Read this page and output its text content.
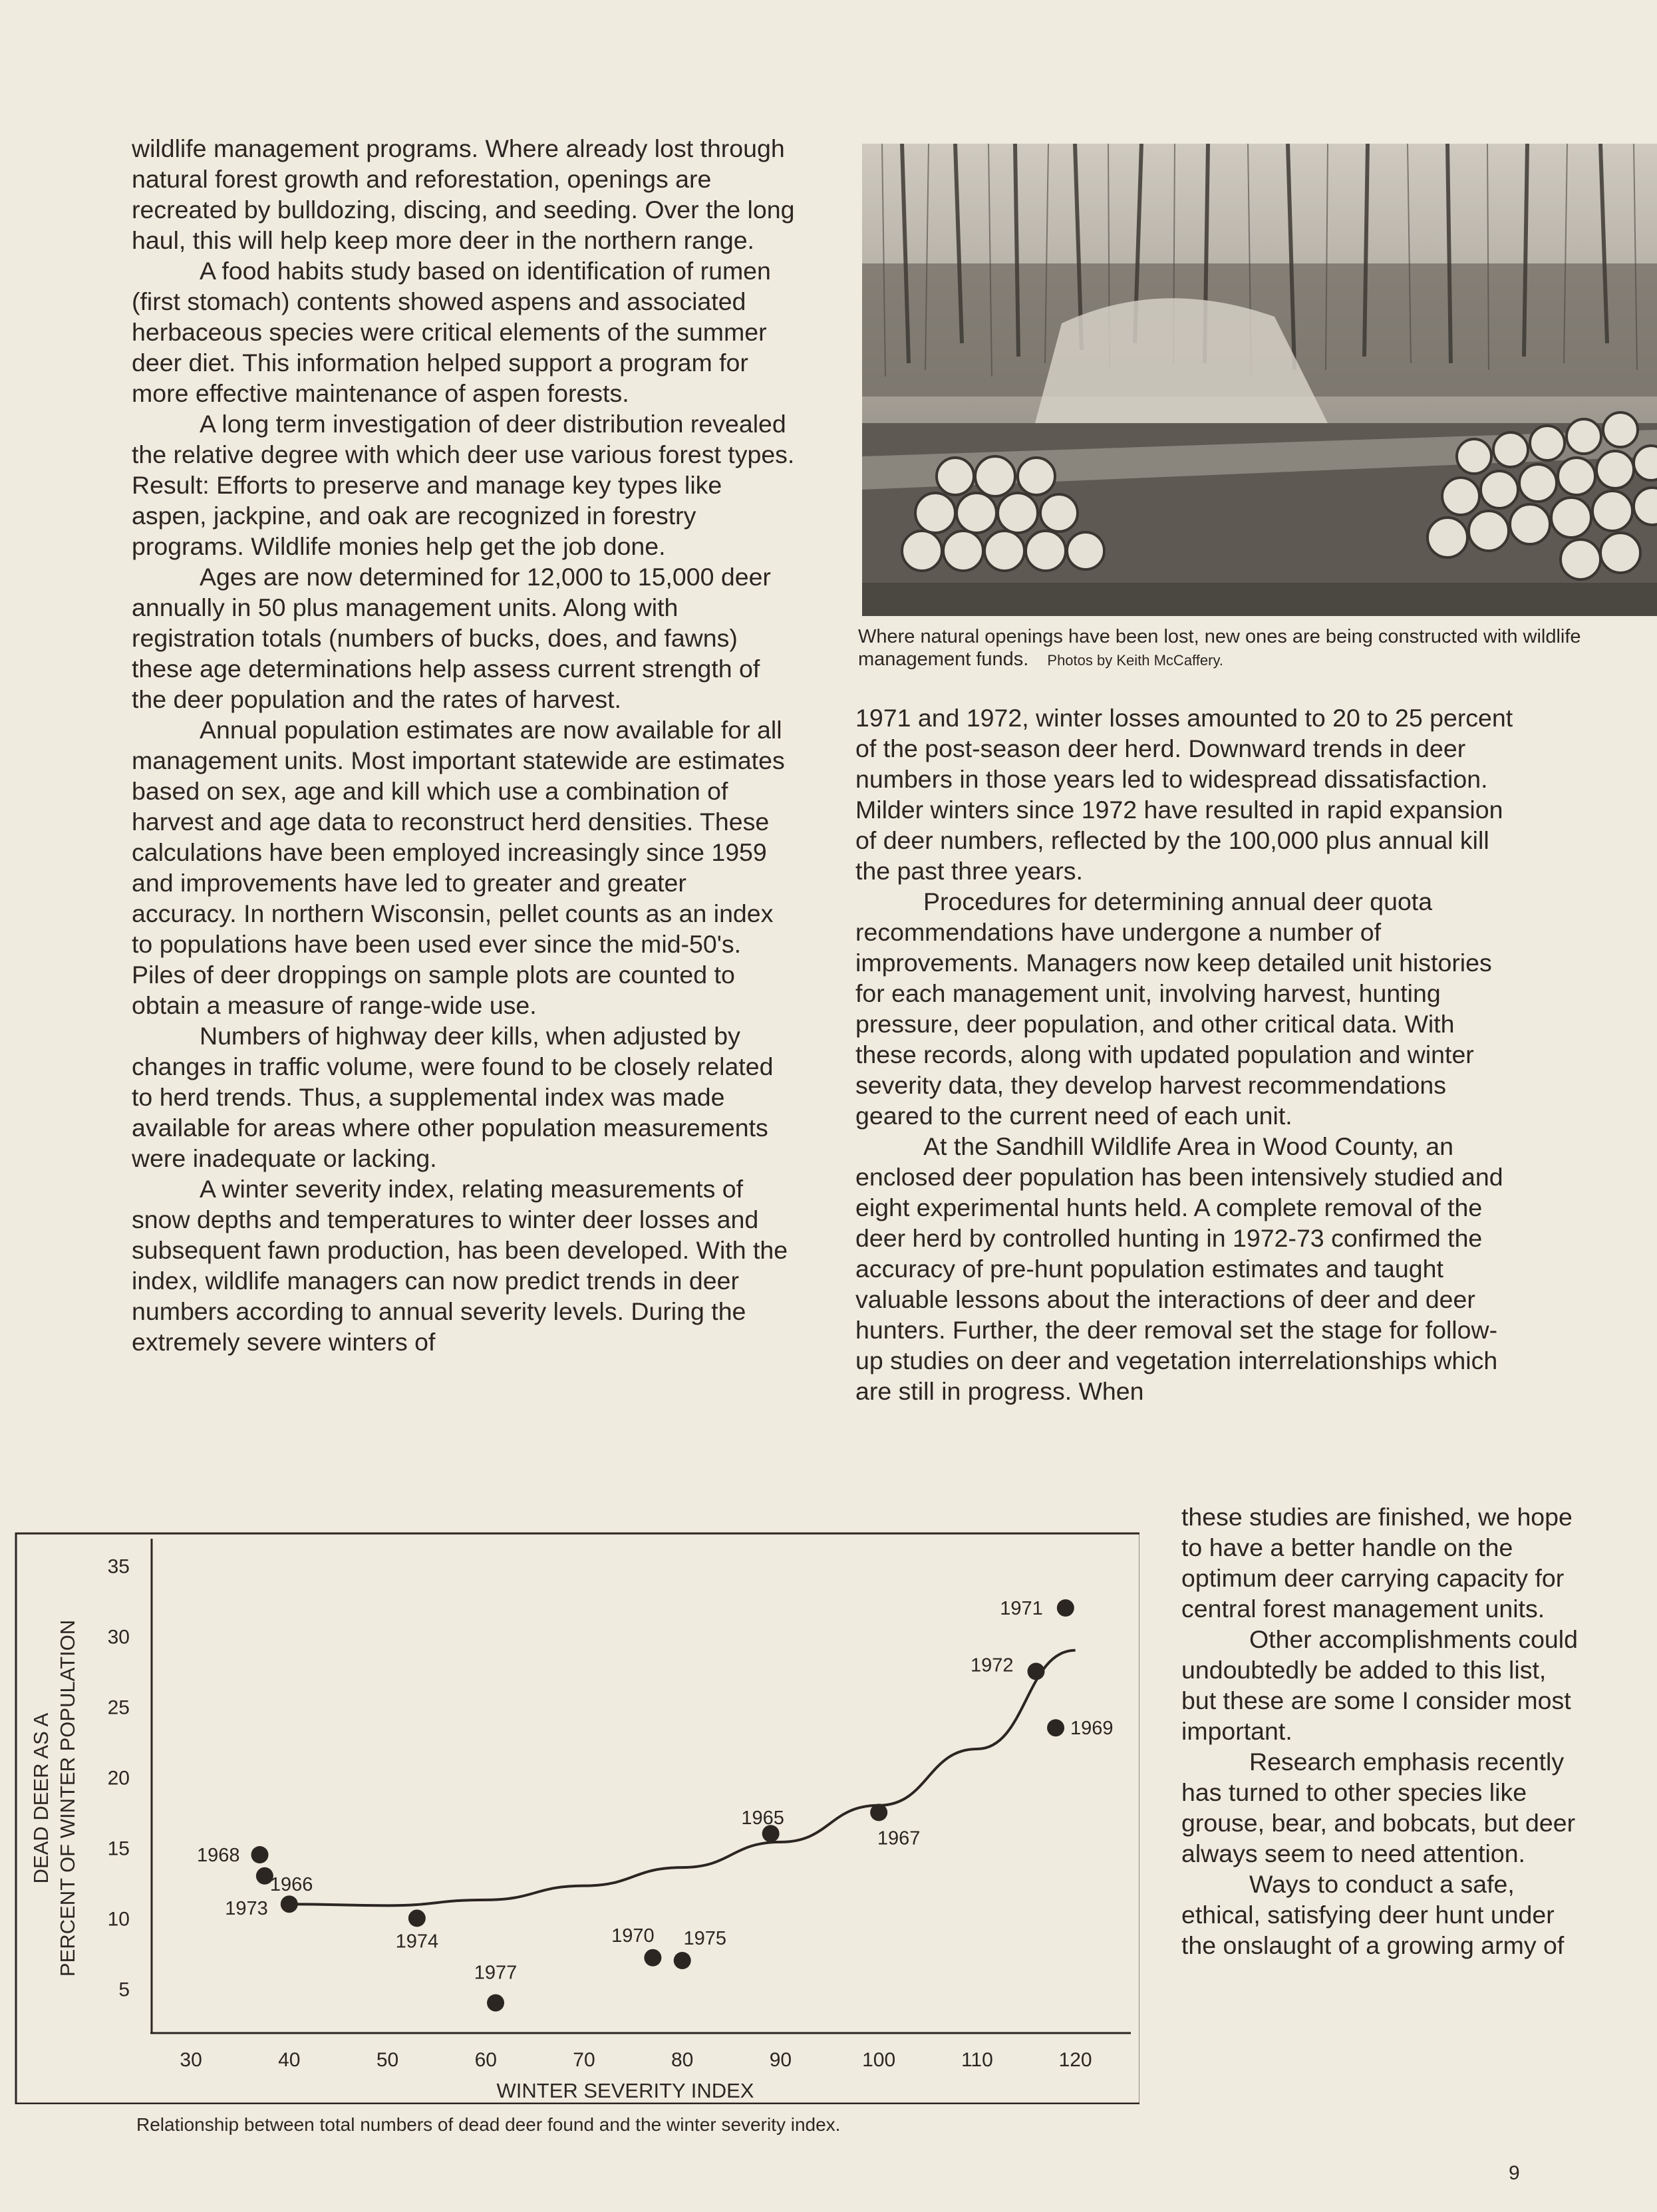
wildlife management programs. Where already lost through natural forest growth and reforestation, openings are recreated by bulldozing, discing, and seeding. Over the long haul, this will help keep more deer in the northern range.

A food habits study based on identification of rumen (first stomach) contents showed aspens and associated herbaceous species were critical elements of the summer deer diet. This information helped support a program for more effective maintenance of aspen forests.

A long term investigation of deer distribution revealed the relative degree with which deer use various forest types. Result: Efforts to preserve and manage key types like aspen, jackpine, and oak are recognized in forestry programs. Wildlife monies help get the job done.

Ages are now determined for 12,000 to 15,000 deer annually in 50 plus management units. Along with registration totals (numbers of bucks, does, and fawns) these age determinations help assess current strength of the deer population and the rates of harvest.

Annual population estimates are now available for all management units. Most important statewide are estimates based on sex, age and kill which use a combination of harvest and age data to reconstruct herd densities. These calculations have been employed increasingly since 1959 and improvements have led to greater and greater accuracy. In northern Wisconsin, pellet counts as an index to populations have been used ever since the mid-50's. Piles of deer droppings on sample plots are counted to obtain a measure of range-wide use.

Numbers of highway deer kills, when adjusted by changes in traffic volume, were found to be closely related to herd trends. Thus, a supplemental index was made available for areas where other population measurements were inadequate or lacking.

A winter severity index, relating measurements of snow depths and temperatures to winter deer losses and subsequent fawn production, has been developed. With the index, wildlife managers can now predict trends in deer numbers according to annual severity levels. During the extremely severe winters of

Where natural openings have been lost, new ones are being constructed with wildlife management funds. Photos by Keith McCaffery.

1971 and 1972, winter losses amounted to 20 to 25 percent of the post-season deer herd. Downward trends in deer numbers in those years led to widespread dissatisfaction. Milder winters since 1972 have resulted in rapid expansion of deer numbers, reflected by the 100,000 plus annual kill the past three years.

Procedures for determining annual deer quota recommendations have undergone a number of improvements. Managers now keep detailed unit histories for each management unit, involving harvest, hunting pressure, deer population, and other critical data. With these records, along with updated population and winter severity data, they develop harvest recommendations geared to the current need of each unit.

At the Sandhill Wildlife Area in Wood County, an enclosed deer population has been intensively studied and eight experimental hunts held. A complete removal of the deer herd by controlled hunting in 1972-73 confirmed the accuracy of pre-hunt population estimates and taught valuable lessons about the interactions of deer and deer hunters. Further, the deer removal set the stage for follow-up studies on deer and vegetation interrelationships which are still in progress. When

5
10
15
20
25
30
35
30	40	50	60	70	80	90	100	110	120
WINTER SEVERITY INDEX
DEAD DEER AS A PERCENT OF WINTER POPULATION	1968
1966
1973
1974
1977
1970 1975
1965
1967
1972
1971
1969

these studies are finished, we hope to have a better handle on the optimum deer carrying capacity for central forest management units.

Other accomplishments could undoubtedly be added to this list, but these are some I consider most important.

Research emphasis recently has turned to other species like grouse, bear, and bobcats, but deer always seem to need attention.

Ways to conduct a safe, ethical, satisfying deer hunt under the onslaught of a growing army of

Relationship between total numbers of dead deer found and the winter severity index.
9
